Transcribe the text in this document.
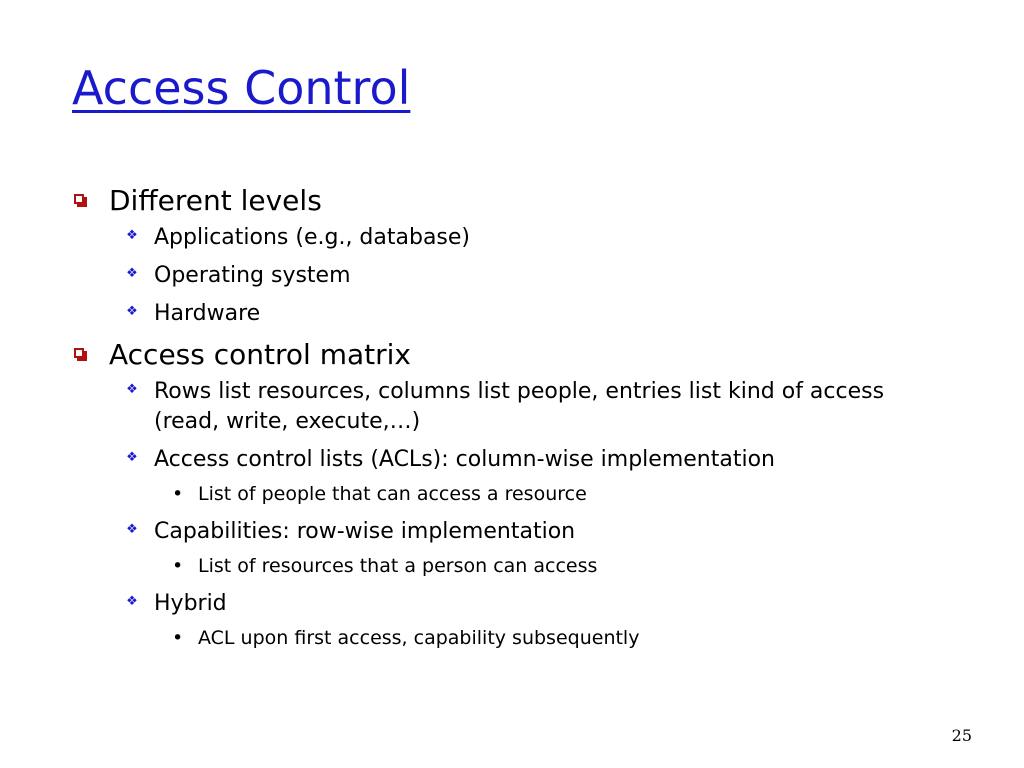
Access Control
Different levels
❖ Applications (e.g., database)
❖ Operating system
❖ Hardware
Access control matrix
❖ Rows list resources, columns list people, entries list kind of access (read, write, execute,…)
❖ Access control lists (ACLs): column-wise implementation
• List of people that can access a resource
❖ Capabilities: row-wise implementation
• List of resources that a person can access
❖ Hybrid
• ACL upon first access, capability subsequently
25
